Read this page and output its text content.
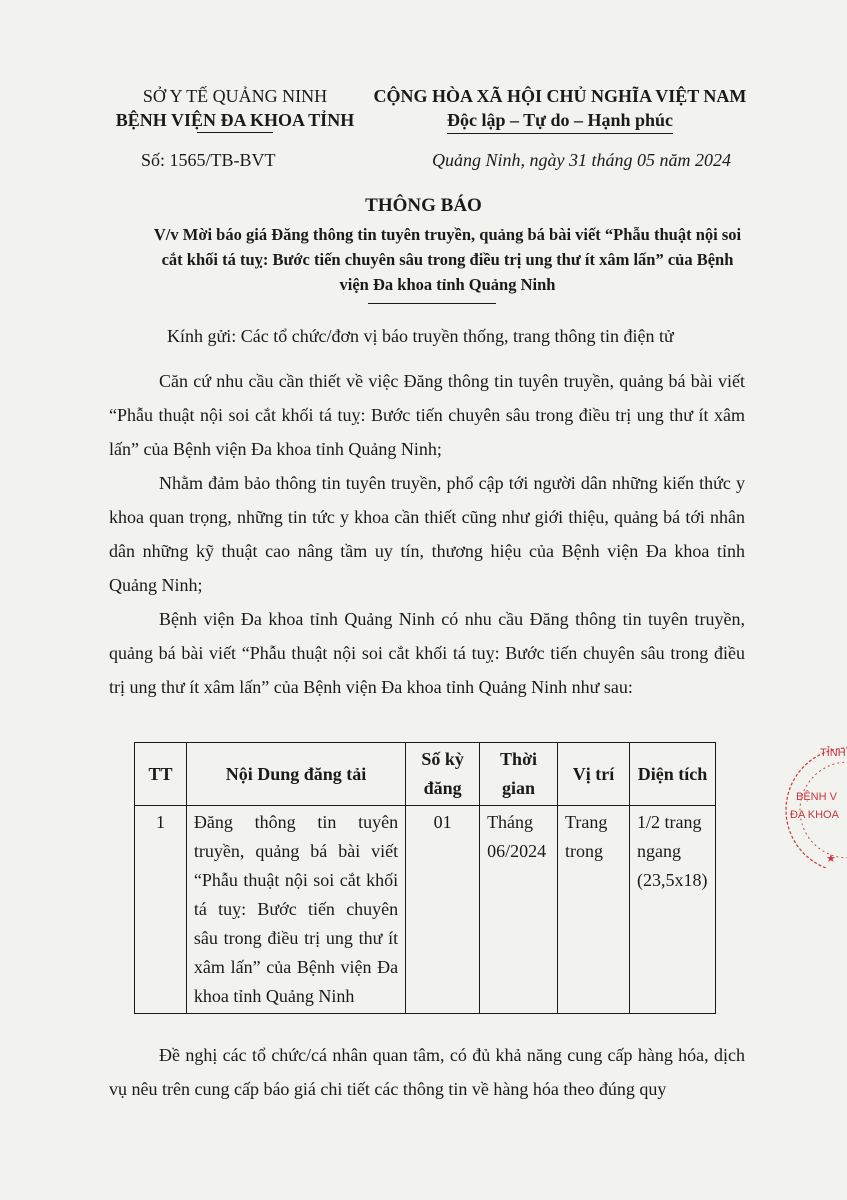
SỞ Y TẾ QUẢNG NINH
BỆNH VIỆN ĐA KHOA TỈNH
CỘNG HÒA XÃ HỘI CHỦ NGHĨA VIỆT NAM
Độc lập – Tự do – Hạnh phúc
Số: 1565/TB-BVT	Quảng Ninh, ngày 31 tháng 05 năm 2024
THÔNG BÁO
V/v Mời báo giá Đăng thông tin tuyên truyền, quảng bá bài viết “Phẫu thuật nội soi cắt khối tá tuỵ: Bước tiến chuyên sâu trong điều trị ung thư ít xâm lấn” của Bệnh viện Đa khoa tỉnh Quảng Ninh
Kính gửi: Các tổ chức/đơn vị báo truyền thống, trang thông tin điện tử
Căn cứ nhu cầu cần thiết về việc Đăng thông tin tuyên truyền, quảng bá bài viết “Phẫu thuật nội soi cắt khối tá tuỵ: Bước tiến chuyên sâu trong điều trị ung thư ít xâm lấn” của Bệnh viện Đa khoa tỉnh Quảng Ninh;
Nhằm đảm bảo thông tin tuyên truyền, phổ cập tới người dân những kiến thức y khoa quan trọng, những tin tức y khoa cần thiết cũng như giới thiệu, quảng bá tới nhân dân những kỹ thuật cao nâng tầm uy tín, thương hiệu của Bệnh viện Đa khoa tỉnh Quảng Ninh;
Bệnh viện Đa khoa tỉnh Quảng Ninh có nhu cầu Đăng thông tin tuyên truyền, quảng bá bài viết “Phẫu thuật nội soi cắt khối tá tuỵ: Bước tiến chuyên sâu trong điều trị ung thư ít xâm lấn” của Bệnh viện Đa khoa tỉnh Quảng Ninh như sau:
TT	Nội Dung đăng tải	Số kỳ đăng	Thời gian	Vị trí	Diện tích
1	Đăng thông tin tuyên truyền, quảng bá bài viết “Phẫu thuật nội soi cắt khối tá tuỵ: Bước tiến chuyên sâu trong điều trị ung thư ít xâm lấn” của Bệnh viện Đa khoa tỉnh Quảng Ninh	01	Tháng 06/2024	Trang trong	1/2 trang ngang (23,5x18)
Đề nghị các tổ chức/cá nhân quan tâm, có đủ khả năng cung cấp hàng hóa, dịch vụ nêu trên cung cấp báo giá chi tiết các thông tin về hàng hóa theo đúng quy
TỈNH
BỆNH V
ĐA KHOA
★
